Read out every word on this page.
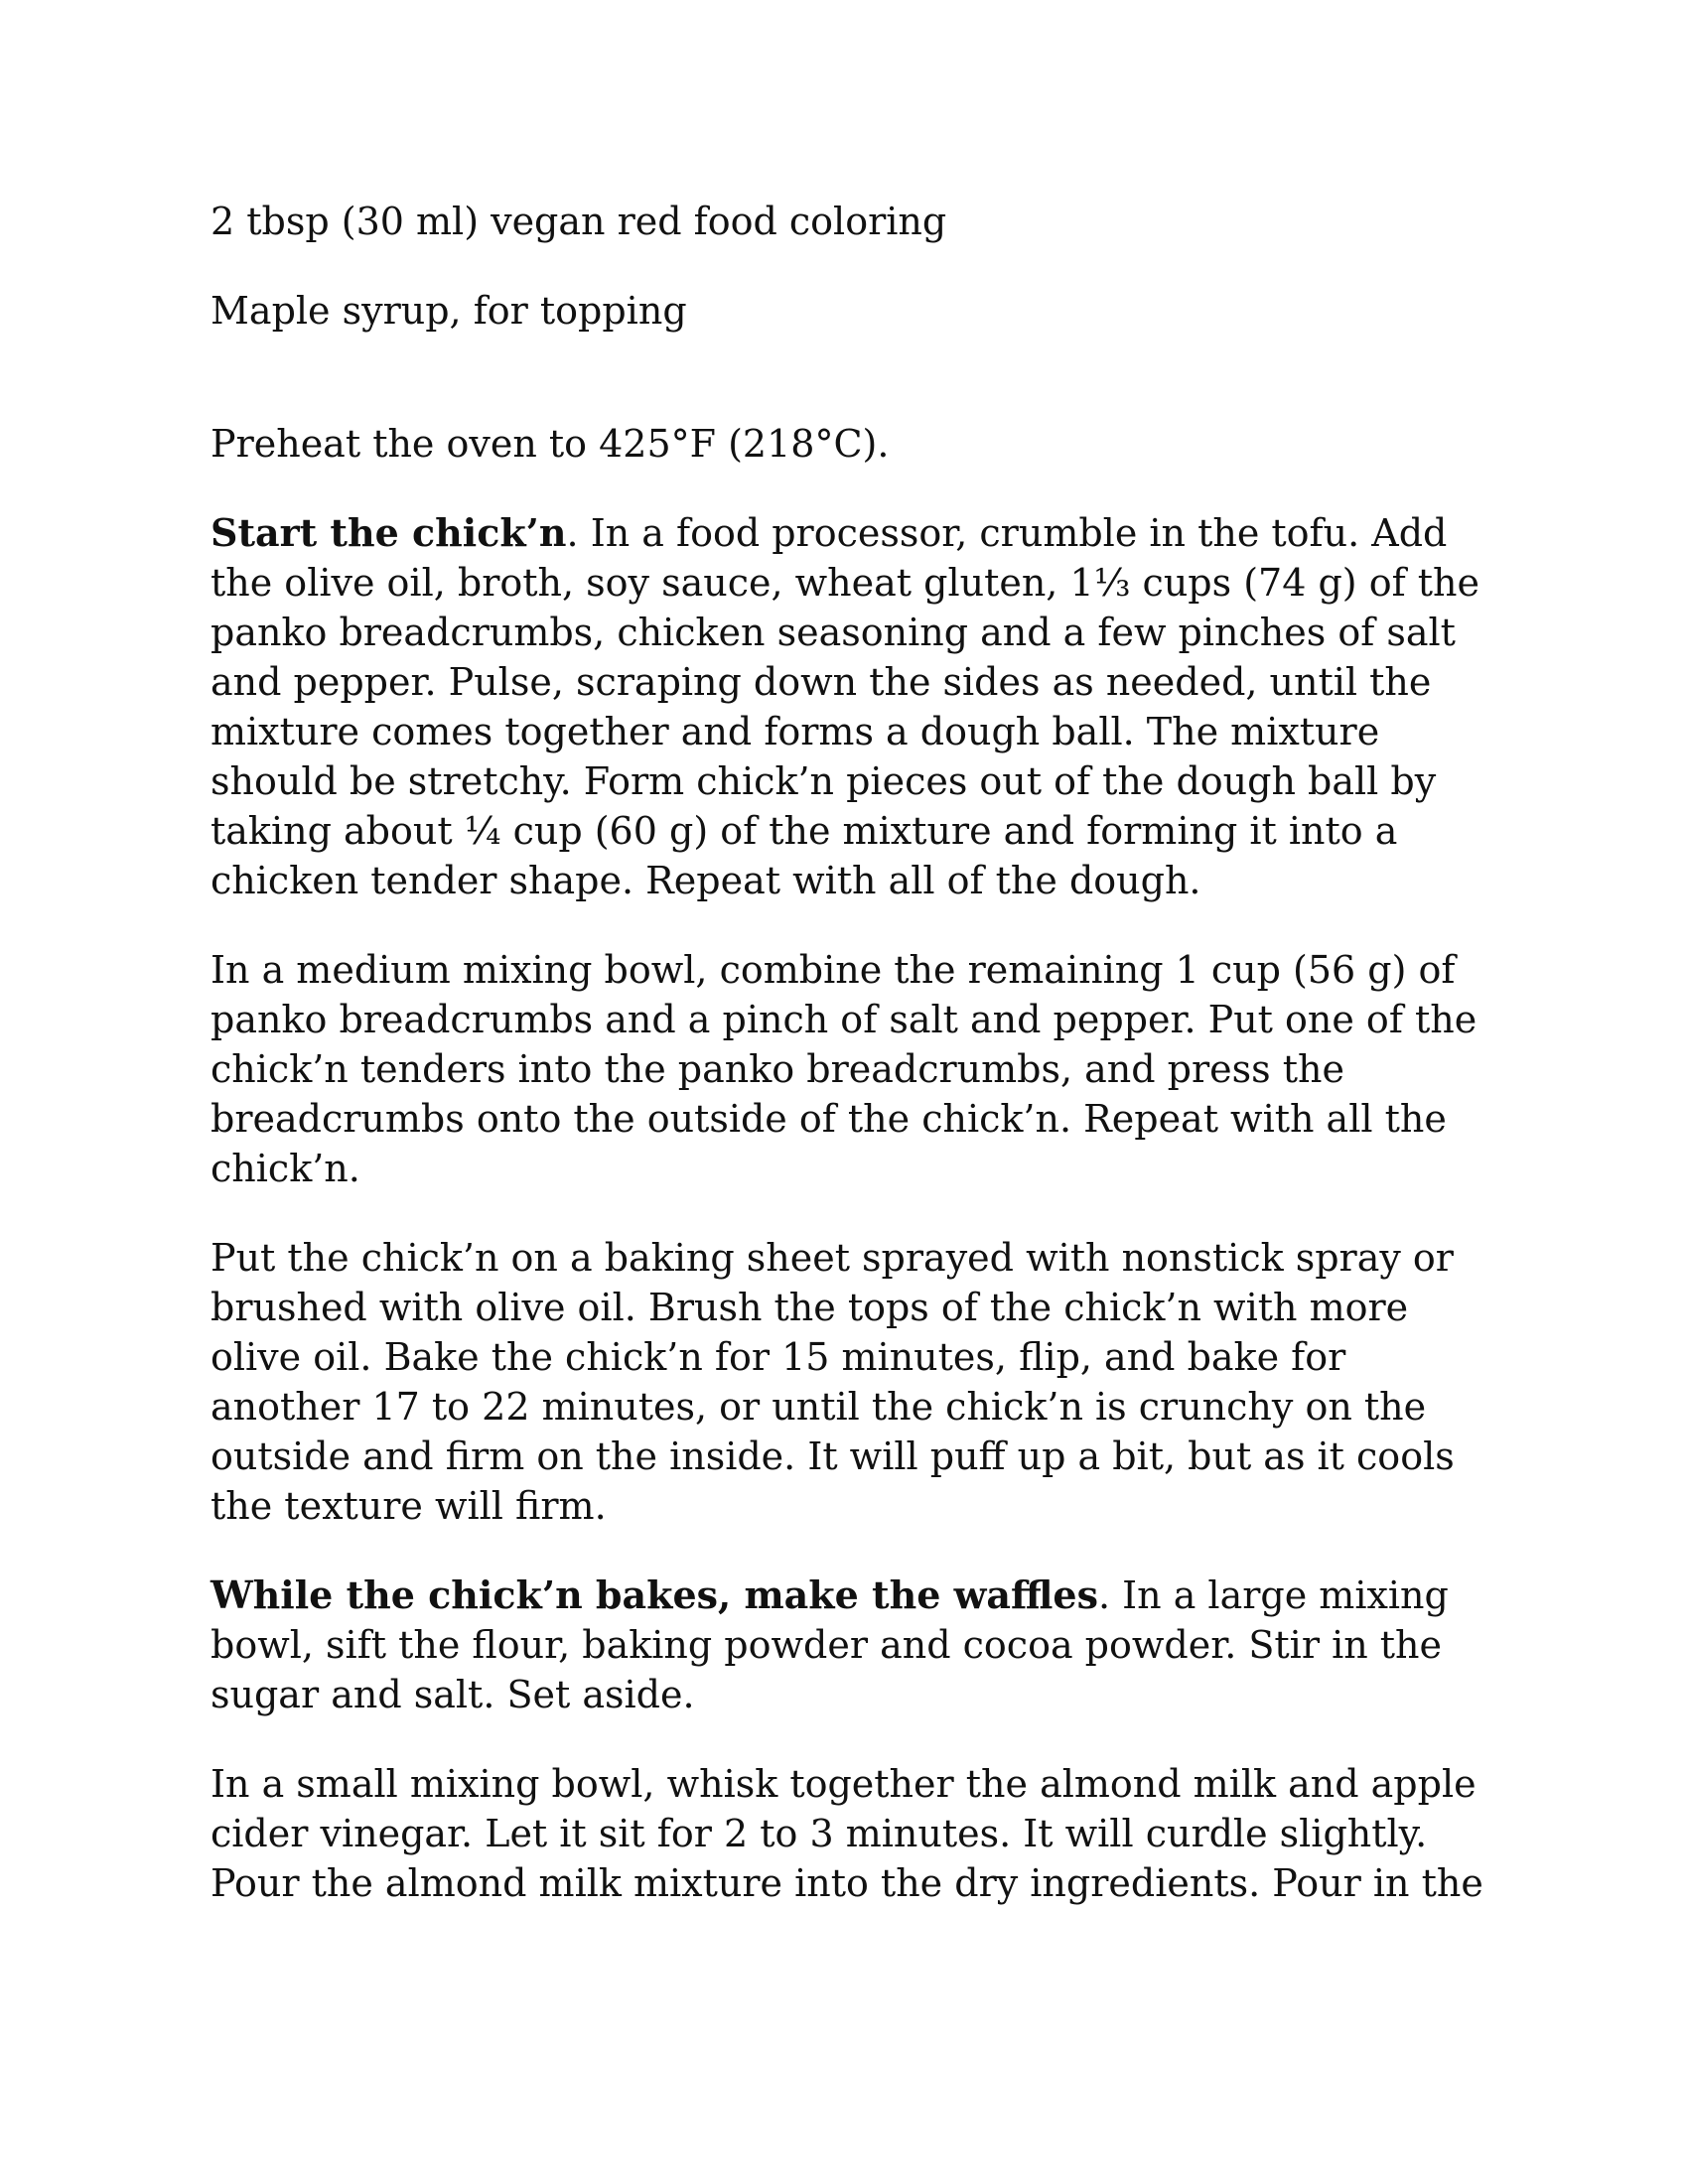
2 tbsp (30 ml) vegan red food coloring

Maple syrup, for topping

Preheat the oven to 425°F (218°C).

Start the chick’n. In a food processor, crumble in the tofu. Add the olive oil, broth, soy sauce, wheat gluten, 1⅓ cups (74 g) of the panko breadcrumbs, chicken seasoning and a few pinches of salt and pepper. Pulse, scraping down the sides as needed, until the mixture comes together and forms a dough ball. The mixture should be stretchy. Form chick’n pieces out of the dough ball by taking about ¼ cup (60 g) of the mixture and forming it into a chicken tender shape. Repeat with all of the dough.

In a medium mixing bowl, combine the remaining 1 cup (56 g) of panko breadcrumbs and a pinch of salt and pepper. Put one of the chick’n tenders into the panko breadcrumbs, and press the breadcrumbs onto the outside of the chick’n. Repeat with all the chick’n.

Put the chick’n on a baking sheet sprayed with nonstick spray or brushed with olive oil. Brush the tops of the chick’n with more olive oil. Bake the chick’n for 15 minutes, flip, and bake for another 17 to 22 minutes, or until the chick’n is crunchy on the outside and firm on the inside. It will puff up a bit, but as it cools the texture will firm.

While the chick’n bakes, make the waffles. In a large mixing bowl, sift the flour, baking powder and cocoa powder. Stir in the sugar and salt. Set aside.

In a small mixing bowl, whisk together the almond milk and apple cider vinegar. Let it sit for 2 to 3 minutes. It will curdle slightly. Pour the almond milk mixture into the dry ingredients. Pour in the
